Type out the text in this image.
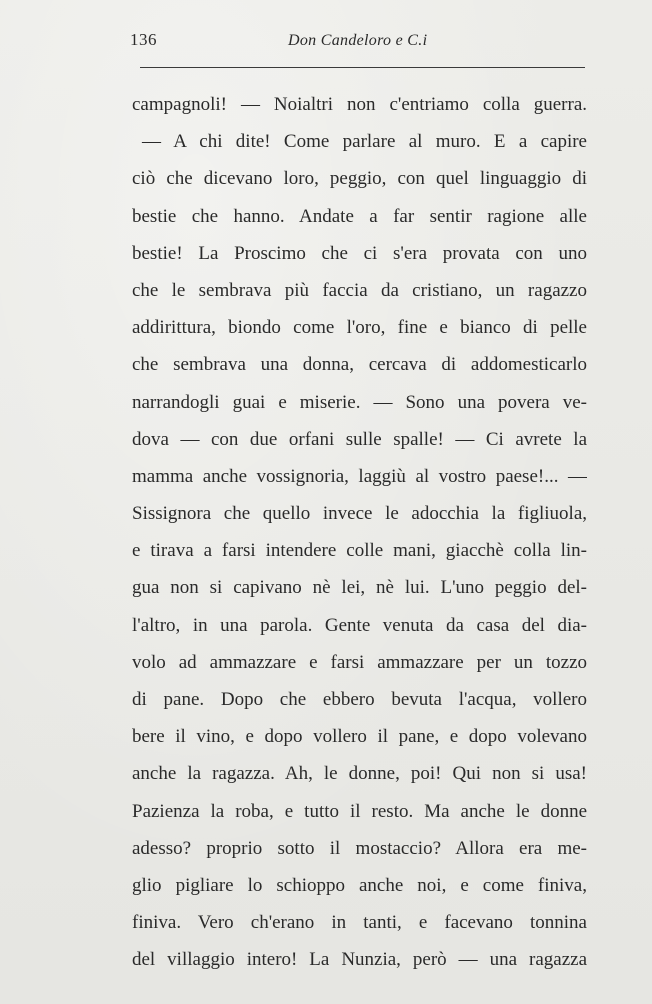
136	Don Candeloro e C.i
campagnoli! — Noialtri non c'entriamo colla guerra.
— A chi dite! Come parlare al muro. E a capire
ciò che dicevano loro, peggio, con quel linguaggio di
bestie che hanno. Andate a far sentir ragione alle
bestie! La Proscimo che ci s'era provata con uno
che le sembrava più faccia da cristiano, un ragazzo
addirittura, biondo come l'oro, fine e bianco di pelle
che sembrava una donna, cercava di addomesticarlo
narrandogli guai e miserie. — Sono una povera ve-
dova — con due orfani sulle spalle! — Ci avrete la
mamma anche vossignoria, laggiù al vostro paese!... —
Sissignora che quello invece le adocchia la figliuola,
e tirava a farsi intendere colle mani, giacchè colla lin-
gua non si capivano nè lei, nè lui. L'uno peggio del-
l'altro, in una parola. Gente venuta da casa del dia-
volo ad ammazzare e farsi ammazzare per un tozzo
di pane. Dopo che ebbero bevuta l'acqua, vollero
bere il vino, e dopo vollero il pane, e dopo volevano
anche la ragazza. Ah, le donne, poi! Qui non si usa!
Pazienza la roba, e tutto il resto. Ma anche le donne
adesso? proprio sotto il mostaccio? Allora era me-
glio pigliare lo schioppo anche noi, e come finiva,
finiva. Vero ch'erano in tanti, e facevano tonnina
del villaggio intero! La Nunzia, però — una ragazza
